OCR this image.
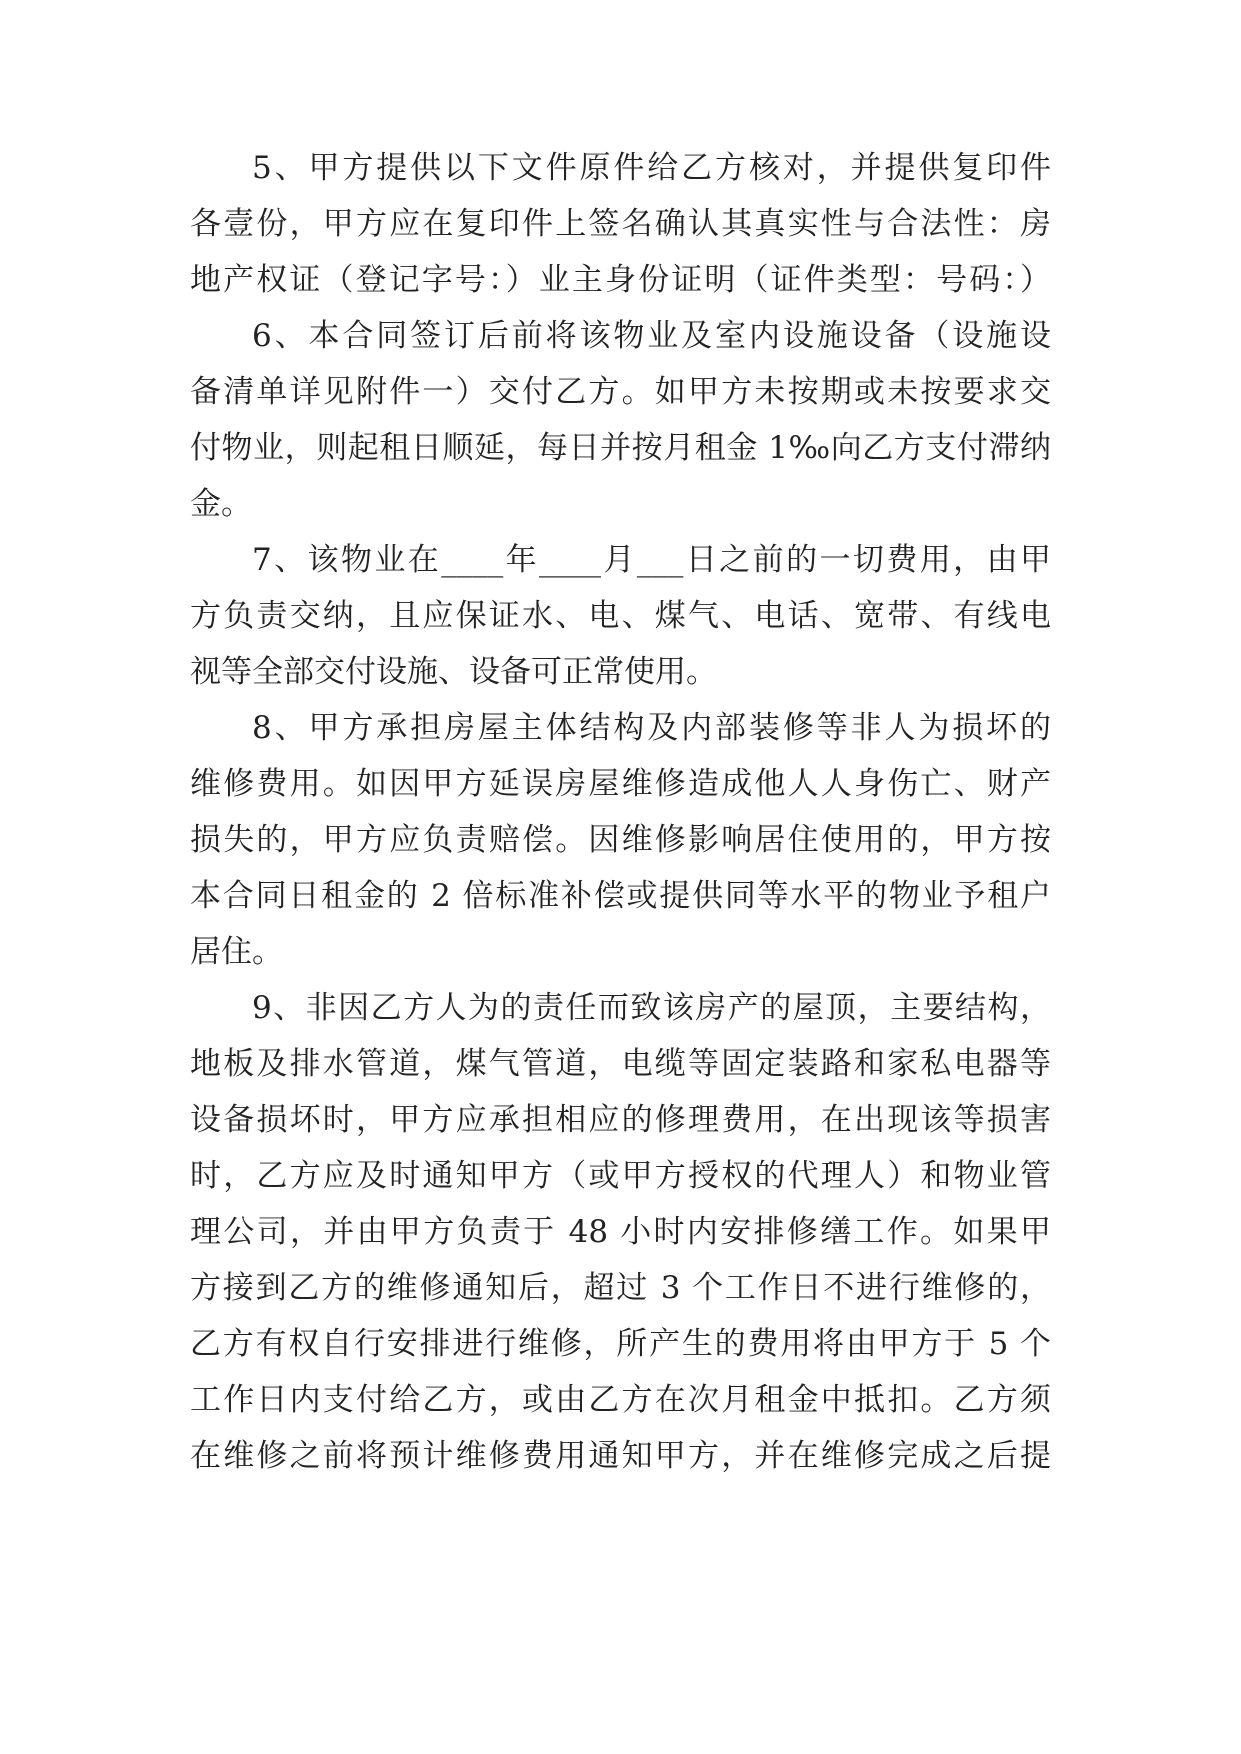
5、甲方提供以下文件原件给乙方核对，并提供复印件
各壹份，甲方应在复印件上签名确认其真实性与合法性：房
地产权证（登记字号：）业主身份证明（证件类型：号码：）
6、本合同签订后前将该物业及室内设施设备（设施设
备清单详见附件一）交付乙方。如甲方未按期或未按要求交
付物业，则起租日顺延，每日并按月租金 1‰向乙方支付滞纳
金。
7、该物业在____年____月___日之前的一切费用，由甲
方负责交纳，且应保证水、电、煤气、电话、宽带、有线电
视等全部交付设施、设备可正常使用。
8、甲方承担房屋主体结构及内部装修等非人为损坏的
维修费用。如因甲方延误房屋维修造成他人人身伤亡、财产
损失的，甲方应负责赔偿。因维修影响居住使用的，甲方按
本合同日租金的 2 倍标准补偿或提供同等水平的物业予租户
居住。
9、非因乙方人为的责任而致该房产的屋顶，主要结构，
地板及排水管道，煤气管道，电缆等固定装路和家私电器等
设备损坏时，甲方应承担相应的修理费用，在出现该等损害
时，乙方应及时通知甲方（或甲方授权的代理人）和物业管
理公司，并由甲方负责于 48 小时内安排修缮工作。如果甲
方接到乙方的维修通知后，超过 3 个工作日不进行维修的，
乙方有权自行安排进行维修，所产生的费用将由甲方于 5 个
工作日内支付给乙方，或由乙方在次月租金中抵扣。乙方须
在维修之前将预计维修费用通知甲方，并在维修完成之后提
